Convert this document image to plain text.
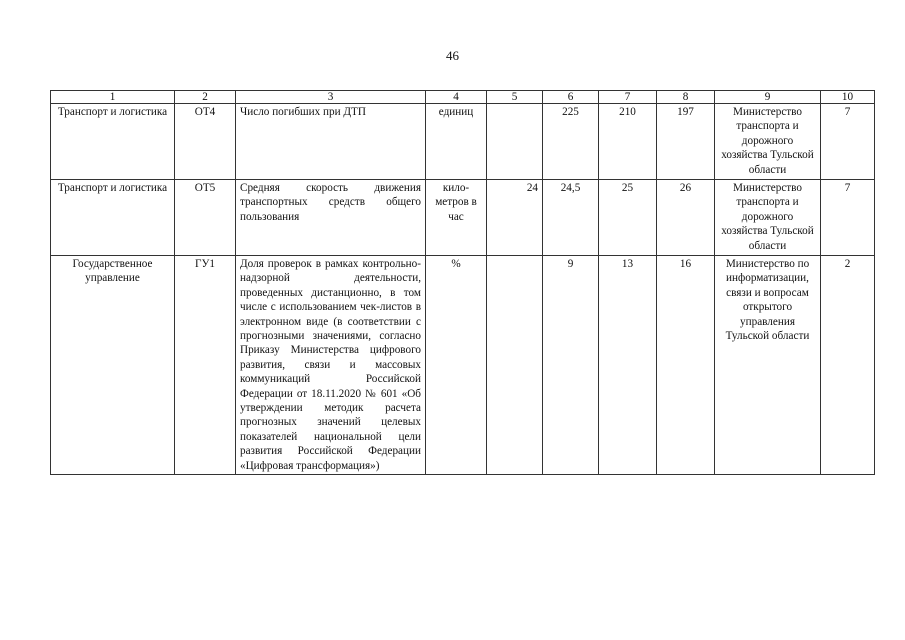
46
1	2	3	4	5	6	7	8	9	10
Транспорт и логистика	ОТ4	Число погибших при ДТП	единиц		225	210	197	Министерство транспорта и дорожного хозяйства Тульской области	7
Транспорт и логистика	ОТ5	Средняя скорость движения транспортных средств общего пользования	кило-метров в час	24	24,5	25	26	Министерство транспорта и дорожного хозяйства Тульской области	7
Государственное управление	ГУ1	Доля проверок в рамках контрольно-надзорной деятельности, проведенных дистанционно, в том числе с использованием чек-листов в электронном виде (в соответствии с прогнозными значениями, согласно Приказу Министерства цифрового развития, связи и массовых коммуникаций Российской Федерации от 18.11.2020 № 601 «Об утверждении методик расчета прогнозных значений целевых показателей национальной цели развития Российской Федерации «Цифровая трансформация»)	%		9	13	16	Министерство по информатизации, связи и вопросам открытого управления Тульской области	2
